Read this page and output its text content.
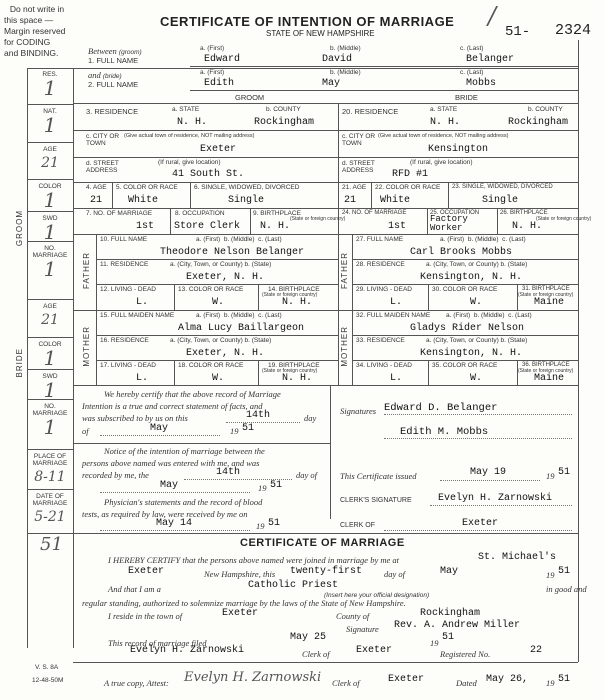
Do not write in
this space —
Margin reserved
for CODING
and BINDING.
CERTIFICATE OF INTENTION OF MARRIAGE
STATE OF NEW HAMPSHIRE
/
51- 2324
GROOM
BRIDE
RES.
1
NAT.
1
AGE
21
COLOR
1
SWD
1
NO. MARRIAGE
1
AGE
21
COLOR
1
SWD
1
NO. MARRIAGE
1
PLACE OF MARRIAGE
8-11
DATE OF MARRIAGE
5-21
51
V. S. 8A
12-48-50M
Between (groom)
1. FULL NAME
a. (First)	b. (Middle)	c. (Last)
Edward	David	Belanger
and (bride)
2. FULL NAME
a. (First)	b. (Middle)	c. (Last)
Edith	May	Mobbs
GROOM	BRIDE
3. RESIDENCE	a. STATE	b. COUNTY
N. H.	Rockingham
20. RESIDENCE	a. STATE	b. COUNTY
N. H.	Rockingham
c. CITY OR TOWN
(Give actual town of residence, NOT mailing address)
Exeter
c. CITY OR TOWN
(Give actual town of residence, NOT mailing address)
Kensington
d. STREET ADDRESS
(If rural, give location)
41 South St.
d. STREET ADDRESS
(If rural, give location)
RFD #1
4. AGE 5. COLOR OR RACE 6. SINGLE, WIDOWED, DIVORCED
21	White	Single
21. AGE 22. COLOR OR RACE 23. SINGLE, WIDOWED, DIVORCED
21 White	Single
7. NO. OF MARRIAGE	8. OCCUPATION	9. BIRTHPLACE
(State or foreign country)
1st Store Clerk N. H.
24. NO. OF MARRIAGE	25. OCCUPATION	26. BIRTHPLACE
(State or foreign country)
1st
Factory
Worker	N. H.
FATHER	FATHER
10. FULL NAME	a. (First) b. (Middle) c. (Last)
Theodore Nelson Belanger
11. RESIDENCE	a. (City, Town, or County) b. (State)
Exeter, N. H.
12. LIVING - DEAD	13. COLOR OR RACE	14. BIRTHPLACE
(State or foreign country)
L.	W.	N. H.
27. FULL NAME	a. (First) b. (Middle) c. (Last)
Carl Brooks Mobbs
28. RESIDENCE	a. (City, Town, or County) b. (State)
Kensington, N. H.
29. LIVING - DEAD	30. COLOR OR RACE	31. BIRTHPLACE
(State or foreign country)
L.	W.	Maine
MOTHER	MOTHER
15. FULL MAIDEN NAME	a. (First) b. (Middle) c. (Last)
Alma Lucy Baillargeon
16. RESIDENCE	a. (City, Town, or County) b. (State)
Exeter, N. H.
17. LIVING - DEAD	18. COLOR OR RACE	19. BIRTHPLACE
(State or foreign country)
L.	W.	N. H.
32. FULL MAIDEN NAME a. (First) b. (Middle) c. (Last)
Gladys Rider Nelson
33. RESIDENCE	a. (City, Town, or County) b. (State)
Kensington, N. H.
34. LIVING - DEAD	35. COLOR OR RACE	36. BIRTHPLACE
(State or foreign country)
L.	W.	Maine
We hereby certify that the above record of Marriage
Intention is a true and correct statement of facts, and
was subscribed to by us on this	14th	day
of	May	19 51
Signatures Edward D. Belanger
Edith M. Mobbs
Notice of the intention of marriage between the
persons above named was entered with me, and was
recorded by me, the	14th	day of
May	19 51
This Certificate issued	May 19	19 51
Physician's statements and the record of blood
tests, as required by law, were received by me on
May 14	19 51
CLERK'S SIGNATURE	Evelyn H. Zarnowski
CLERK OF	Exeter
CERTIFICATE OF MARRIAGE
I HEREBY CERTIFY that the persons above named were joined in marriage by me at	St. Michael's
Exeter	New Hampshire, this twenty-first	day of	May	19 51
And that I am a	Catholic Priest	in good and
(Insert here your official designation)
regular standing, authorized to solemnize marriage by the laws of the State of New Hampshire.
I reside in the town of	Exeter	County of	Rockingham
Signature Rev. A. Andrew Miller
This record of marriage filed	May 25	19 51
Evelyn H. Zarnowski	Clerk of	Exeter	Registered No.	22
A true copy, Attest: Evelyn H. Zarnowski Clerk of	Exeter	Dated May 26, 19 51
